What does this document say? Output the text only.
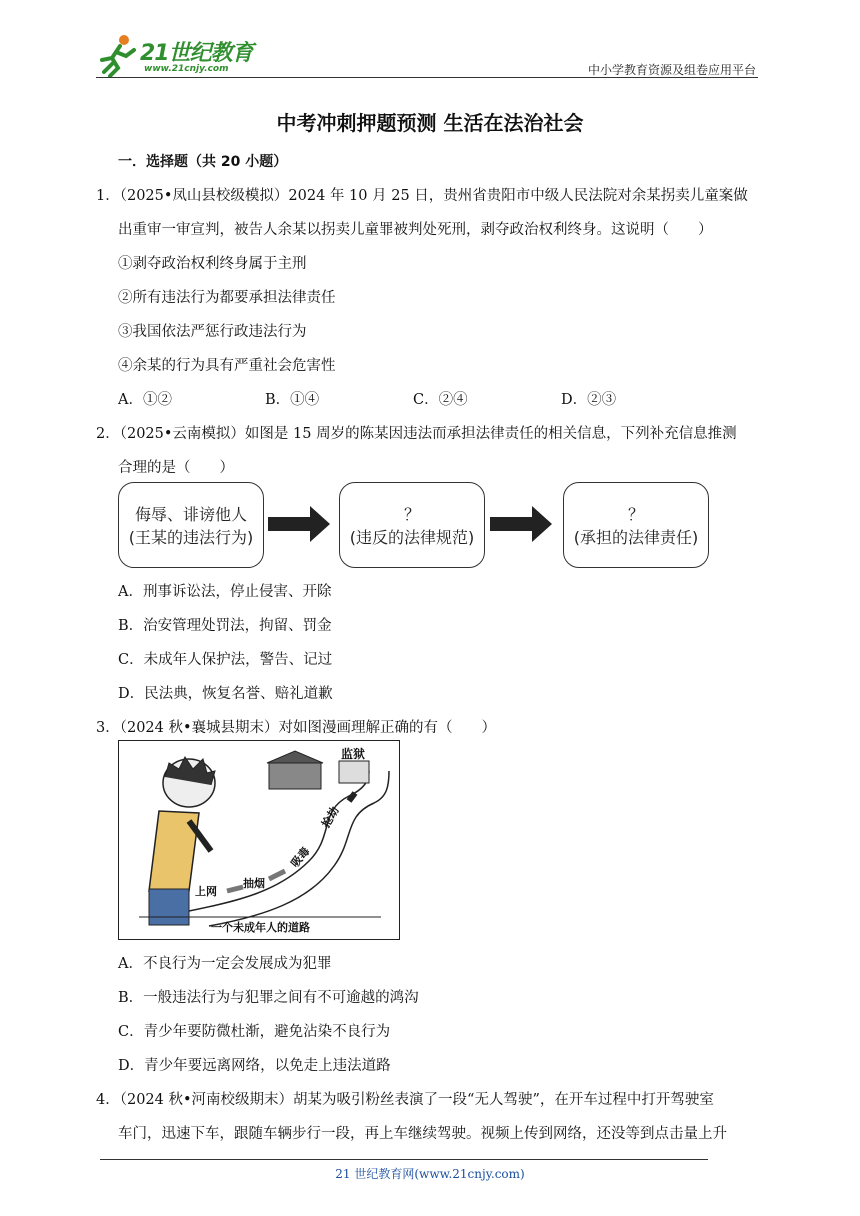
21世纪教育
www.21cnjy.com	中小学教育资源及组卷应用平台
中考冲刺押题预测 生活在法治社会
一．选择题（共 20 小题）
1．（2025•凤山县校级模拟）2024 年 10 月 25 日，贵州省贵阳市中级人民法院对余某拐卖儿童案做
出重审一审宣判，被告人余某以拐卖儿童罪被判处死刑，剥夺政治权利终身。这说明（　　）
①剥夺政治权利终身属于主刑
②所有违法行为都要承担法律责任
③我国依法严惩行政违法行为
④余某的行为具有严重社会危害性
A．①②	B．①④	C．②④	D．②③
2．（2025•云南模拟）如图是 15 周岁的陈某因违法而承担法律责任的相关信息，下列补充信息推测
合理的是（　　）
侮辱、诽谤他人
(王某的违法行为)
？
(违反的法律规范)
？
(承担的法律责任)
A．刑事诉讼法，停止侵害、开除
B．治安管理处罚法，拘留、罚金
C．未成年人保护法，警告、记过
D．民法典，恢复名誉、赔礼道歉
3．（2024 秋•襄城县期末）对如图漫画理解正确的有（　　）
监狱
上网
抽烟
吸毒
抢劫
一个未成年人的道路
A．不良行为一定会发展成为犯罪
B．一般违法行为与犯罪之间有不可逾越的鸿沟
C．青少年要防微杜渐，避免沾染不良行为
D．青少年要远离网络，以免走上违法道路
4．（2024 秋•河南校级期末）胡某为吸引粉丝表演了一段“无人驾驶”，在开车过程中打开驾驶室
车门，迅速下车，跟随车辆步行一段，再上车继续驾驶。视频上传到网络，还没等到点击量上升
21 世纪教育网(www.21cnjy.com)
